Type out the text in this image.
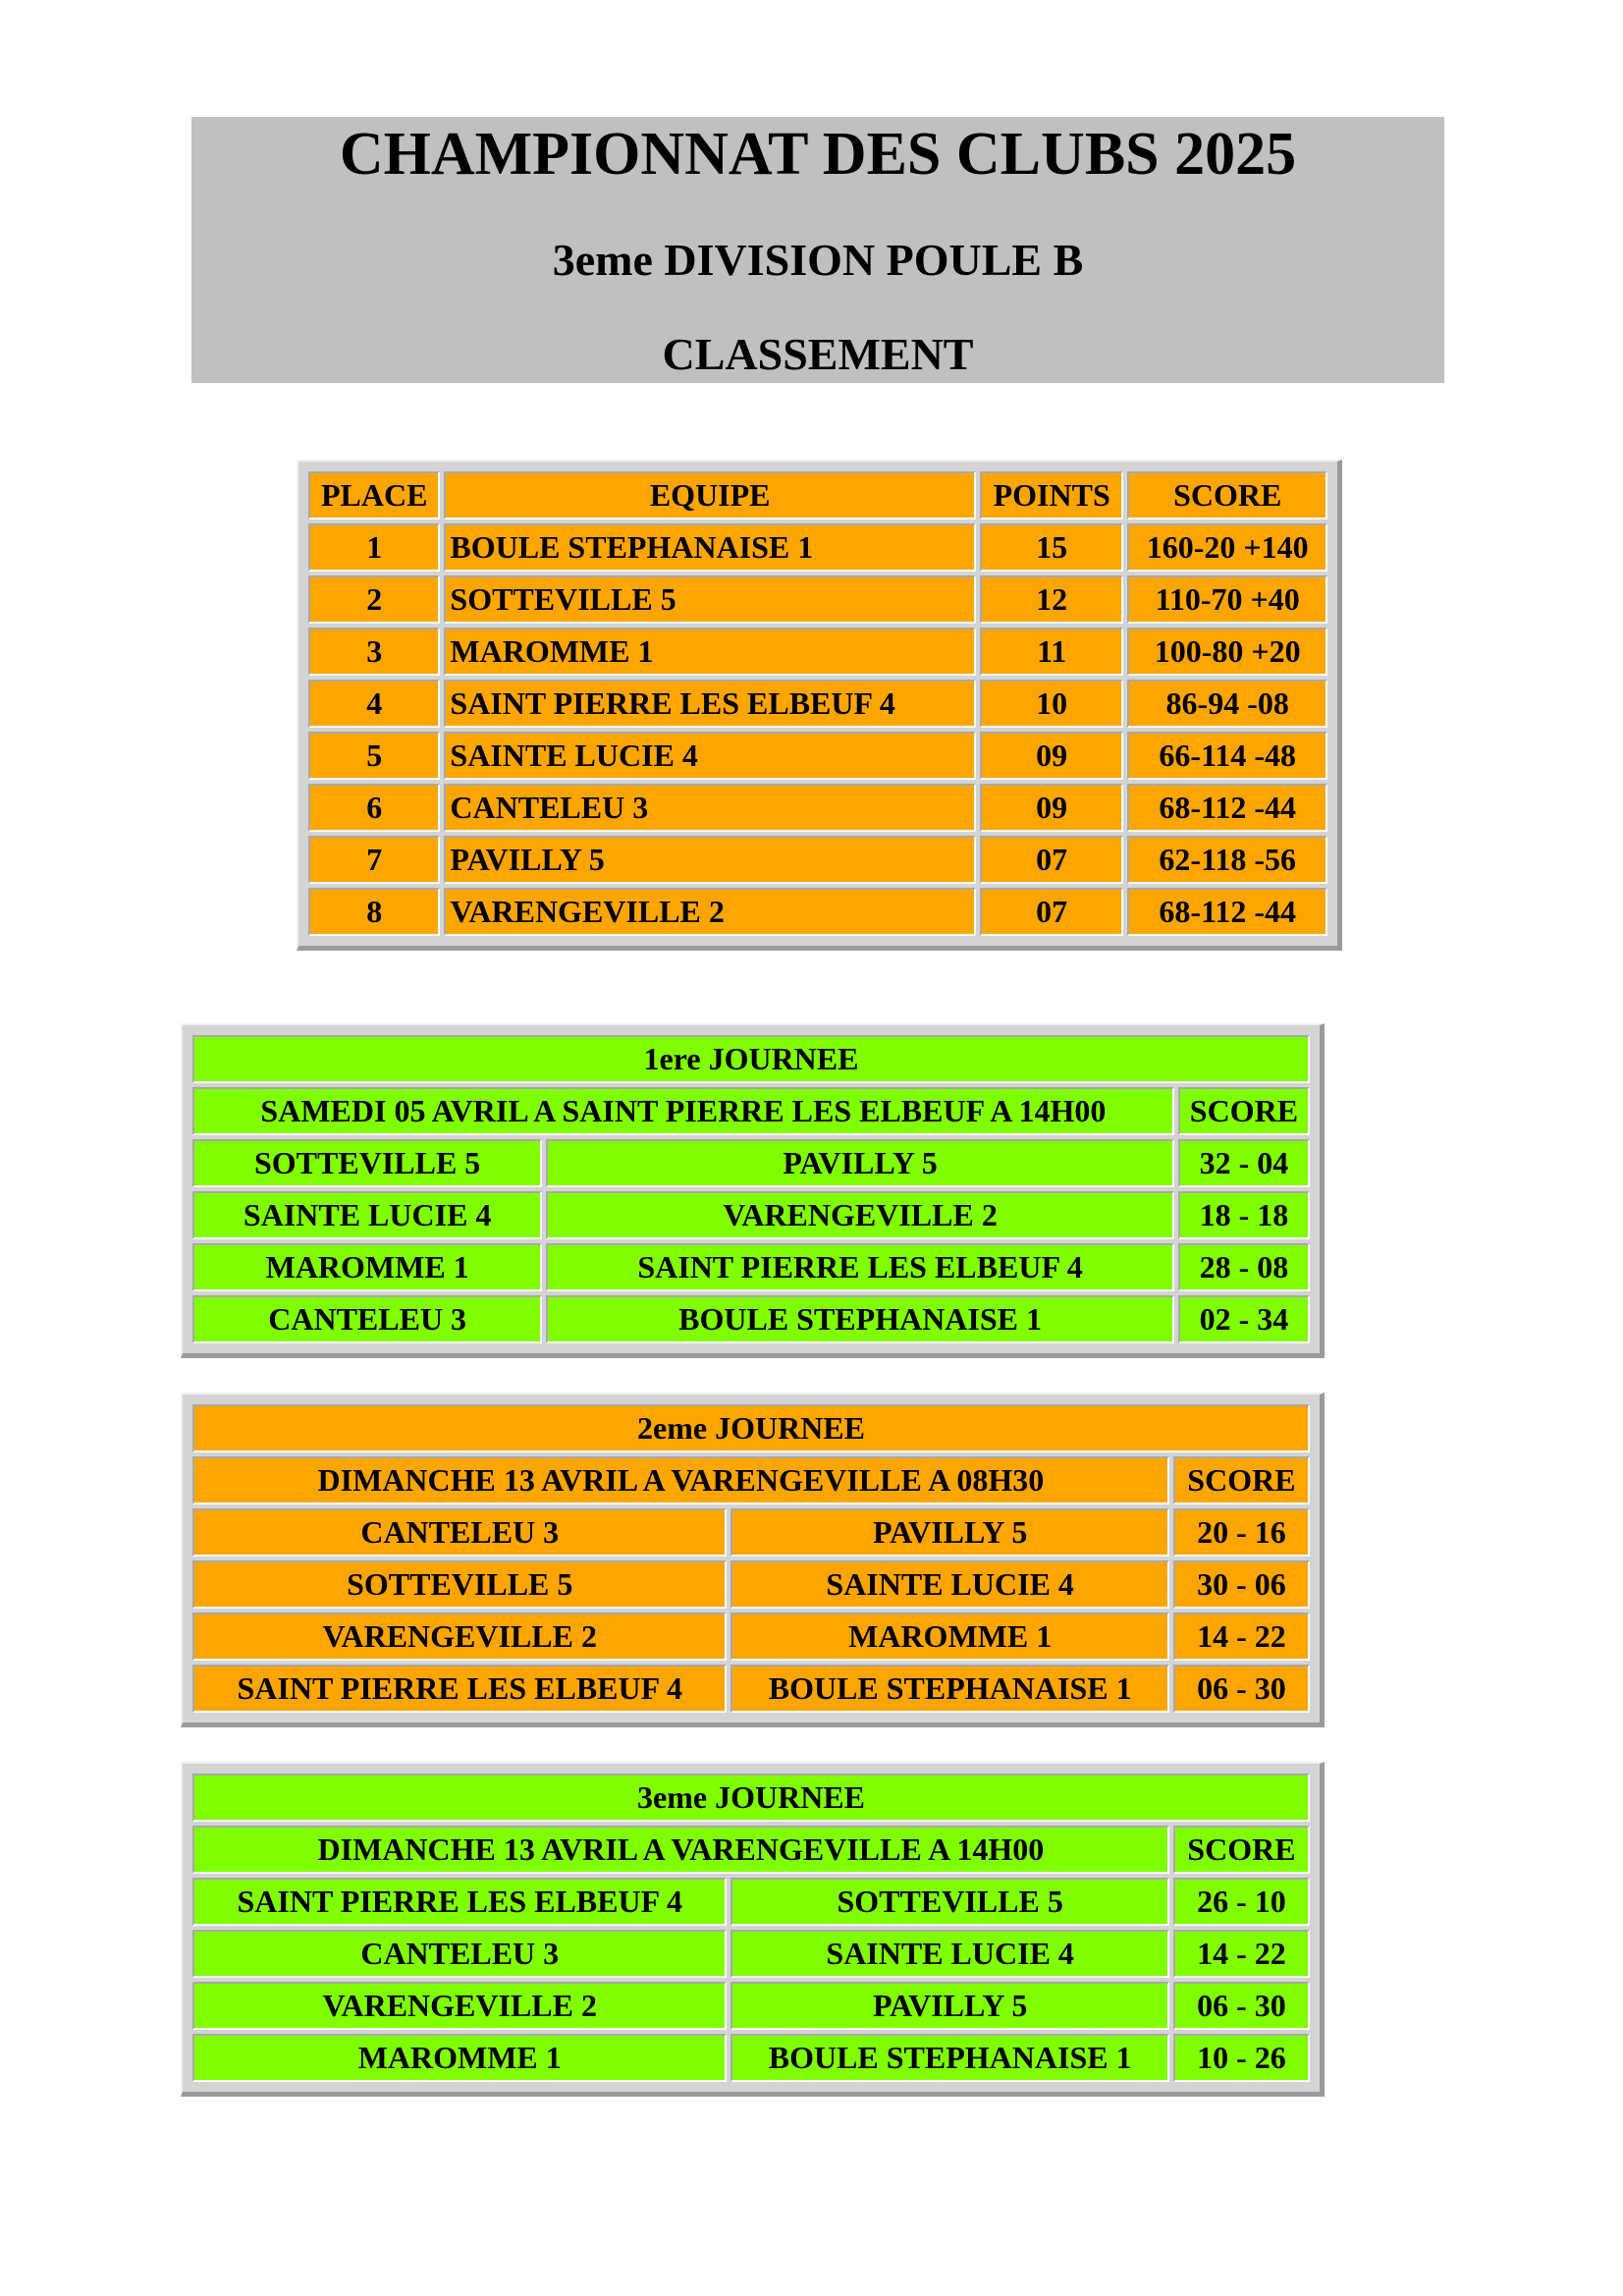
CHAMPIONNAT DES CLUBS 2025
3eme DIVISION POULE B
CLASSEMENT
PLACE	EQUIPE	POINTS	SCORE
1	BOULE STEPHANAISE 1	15	160-20 +140
2	SOTTEVILLE 5	12	110-70 +40
3	MAROMME 1	11	100-80 +20
4	SAINT PIERRE LES ELBEUF 4	10	86-94 -08
5	SAINTE LUCIE 4	09	66-114 -48
6	CANTELEU 3	09	68-112 -44
7	PAVILLY 5	07	62-118 -56
8	VARENGEVILLE 2	07	68-112 -44
1ere JOURNEE		
SAMEDI 05 AVRIL A SAINT PIERRE LES ELBEUF A 14H00		SCORE
SOTTEVILLE 5	PAVILLY 5	32 - 04
SAINTE LUCIE 4	VARENGEVILLE 2	18 - 18
MAROMME 1	SAINT PIERRE LES ELBEUF 4	28 - 08
CANTELEU 3	BOULE STEPHANAISE 1	02 - 34
2eme JOURNEE		
DIMANCHE 13 AVRIL A VARENGEVILLE A 08H30		SCORE
CANTELEU 3	PAVILLY 5	20 - 16
SOTTEVILLE 5	SAINTE LUCIE 4	30 - 06
VARENGEVILLE 2	MAROMME 1	14 - 22
SAINT PIERRE LES ELBEUF 4	BOULE STEPHANAISE 1	06 - 30
3eme JOURNEE		
DIMANCHE 13 AVRIL A VARENGEVILLE A 14H00		SCORE
SAINT PIERRE LES ELBEUF 4	SOTTEVILLE 5	26 - 10
CANTELEU 3	SAINTE LUCIE 4	14 - 22
VARENGEVILLE 2	PAVILLY 5	06 - 30
MAROMME 1	BOULE STEPHANAISE 1	10 - 26
